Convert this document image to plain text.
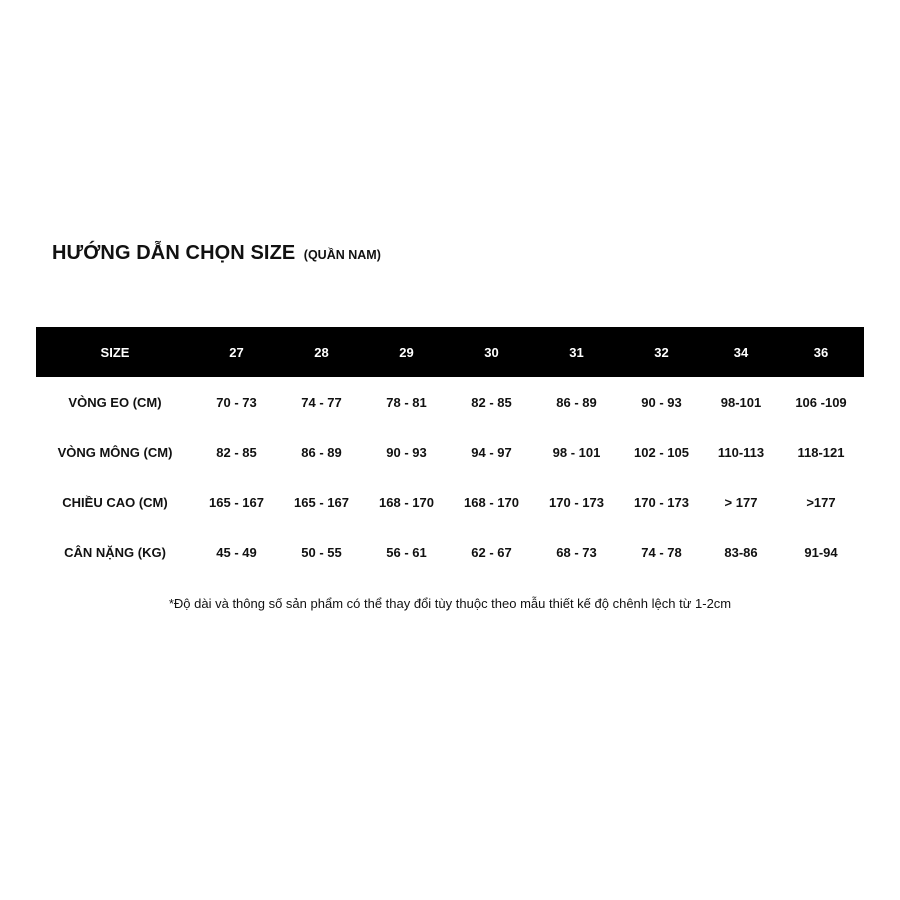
HƯỚNG DẪN CHỌN SIZE (QUẦN NAM)
SIZE	27	28	29	30	31	32	34	36
VÒNG EO (CM)	70 - 73	74 - 77	78 - 81	82 - 85	86 - 89	90 - 93	98-101	106 -109
VÒNG MÔNG (CM)	82 - 85	86 - 89	90 - 93	94 - 97	98 - 101	102 - 105	110-113	118-121
CHIỀU CAO (CM)	165 - 167	165 - 167	168 - 170	168 - 170	170 - 173	170 - 173	> 177	>177
CÂN NẶNG (KG)	45 - 49	50 - 55	56 - 61	62 - 67	68 - 73	74 - 78	83-86	91-94
*Độ dài và thông số sản phẩm có thể thay đổi tùy thuộc theo mẫu thiết kế độ chênh lệch từ 1-2cm
